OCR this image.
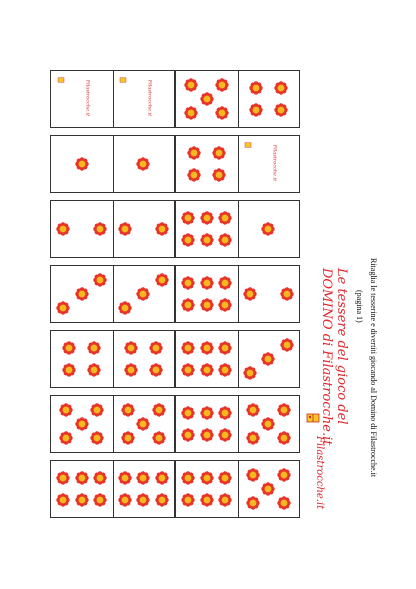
Filastrocche.it	Filastrocche.it
Filastrocche.it
Le tessere del gioco del
DOMINO di Filastrocche.it	Ritaglia le tesserine e divertiti giocando al Domino di Filastrocche.it
(pagina 1)
Filastrocche.it
